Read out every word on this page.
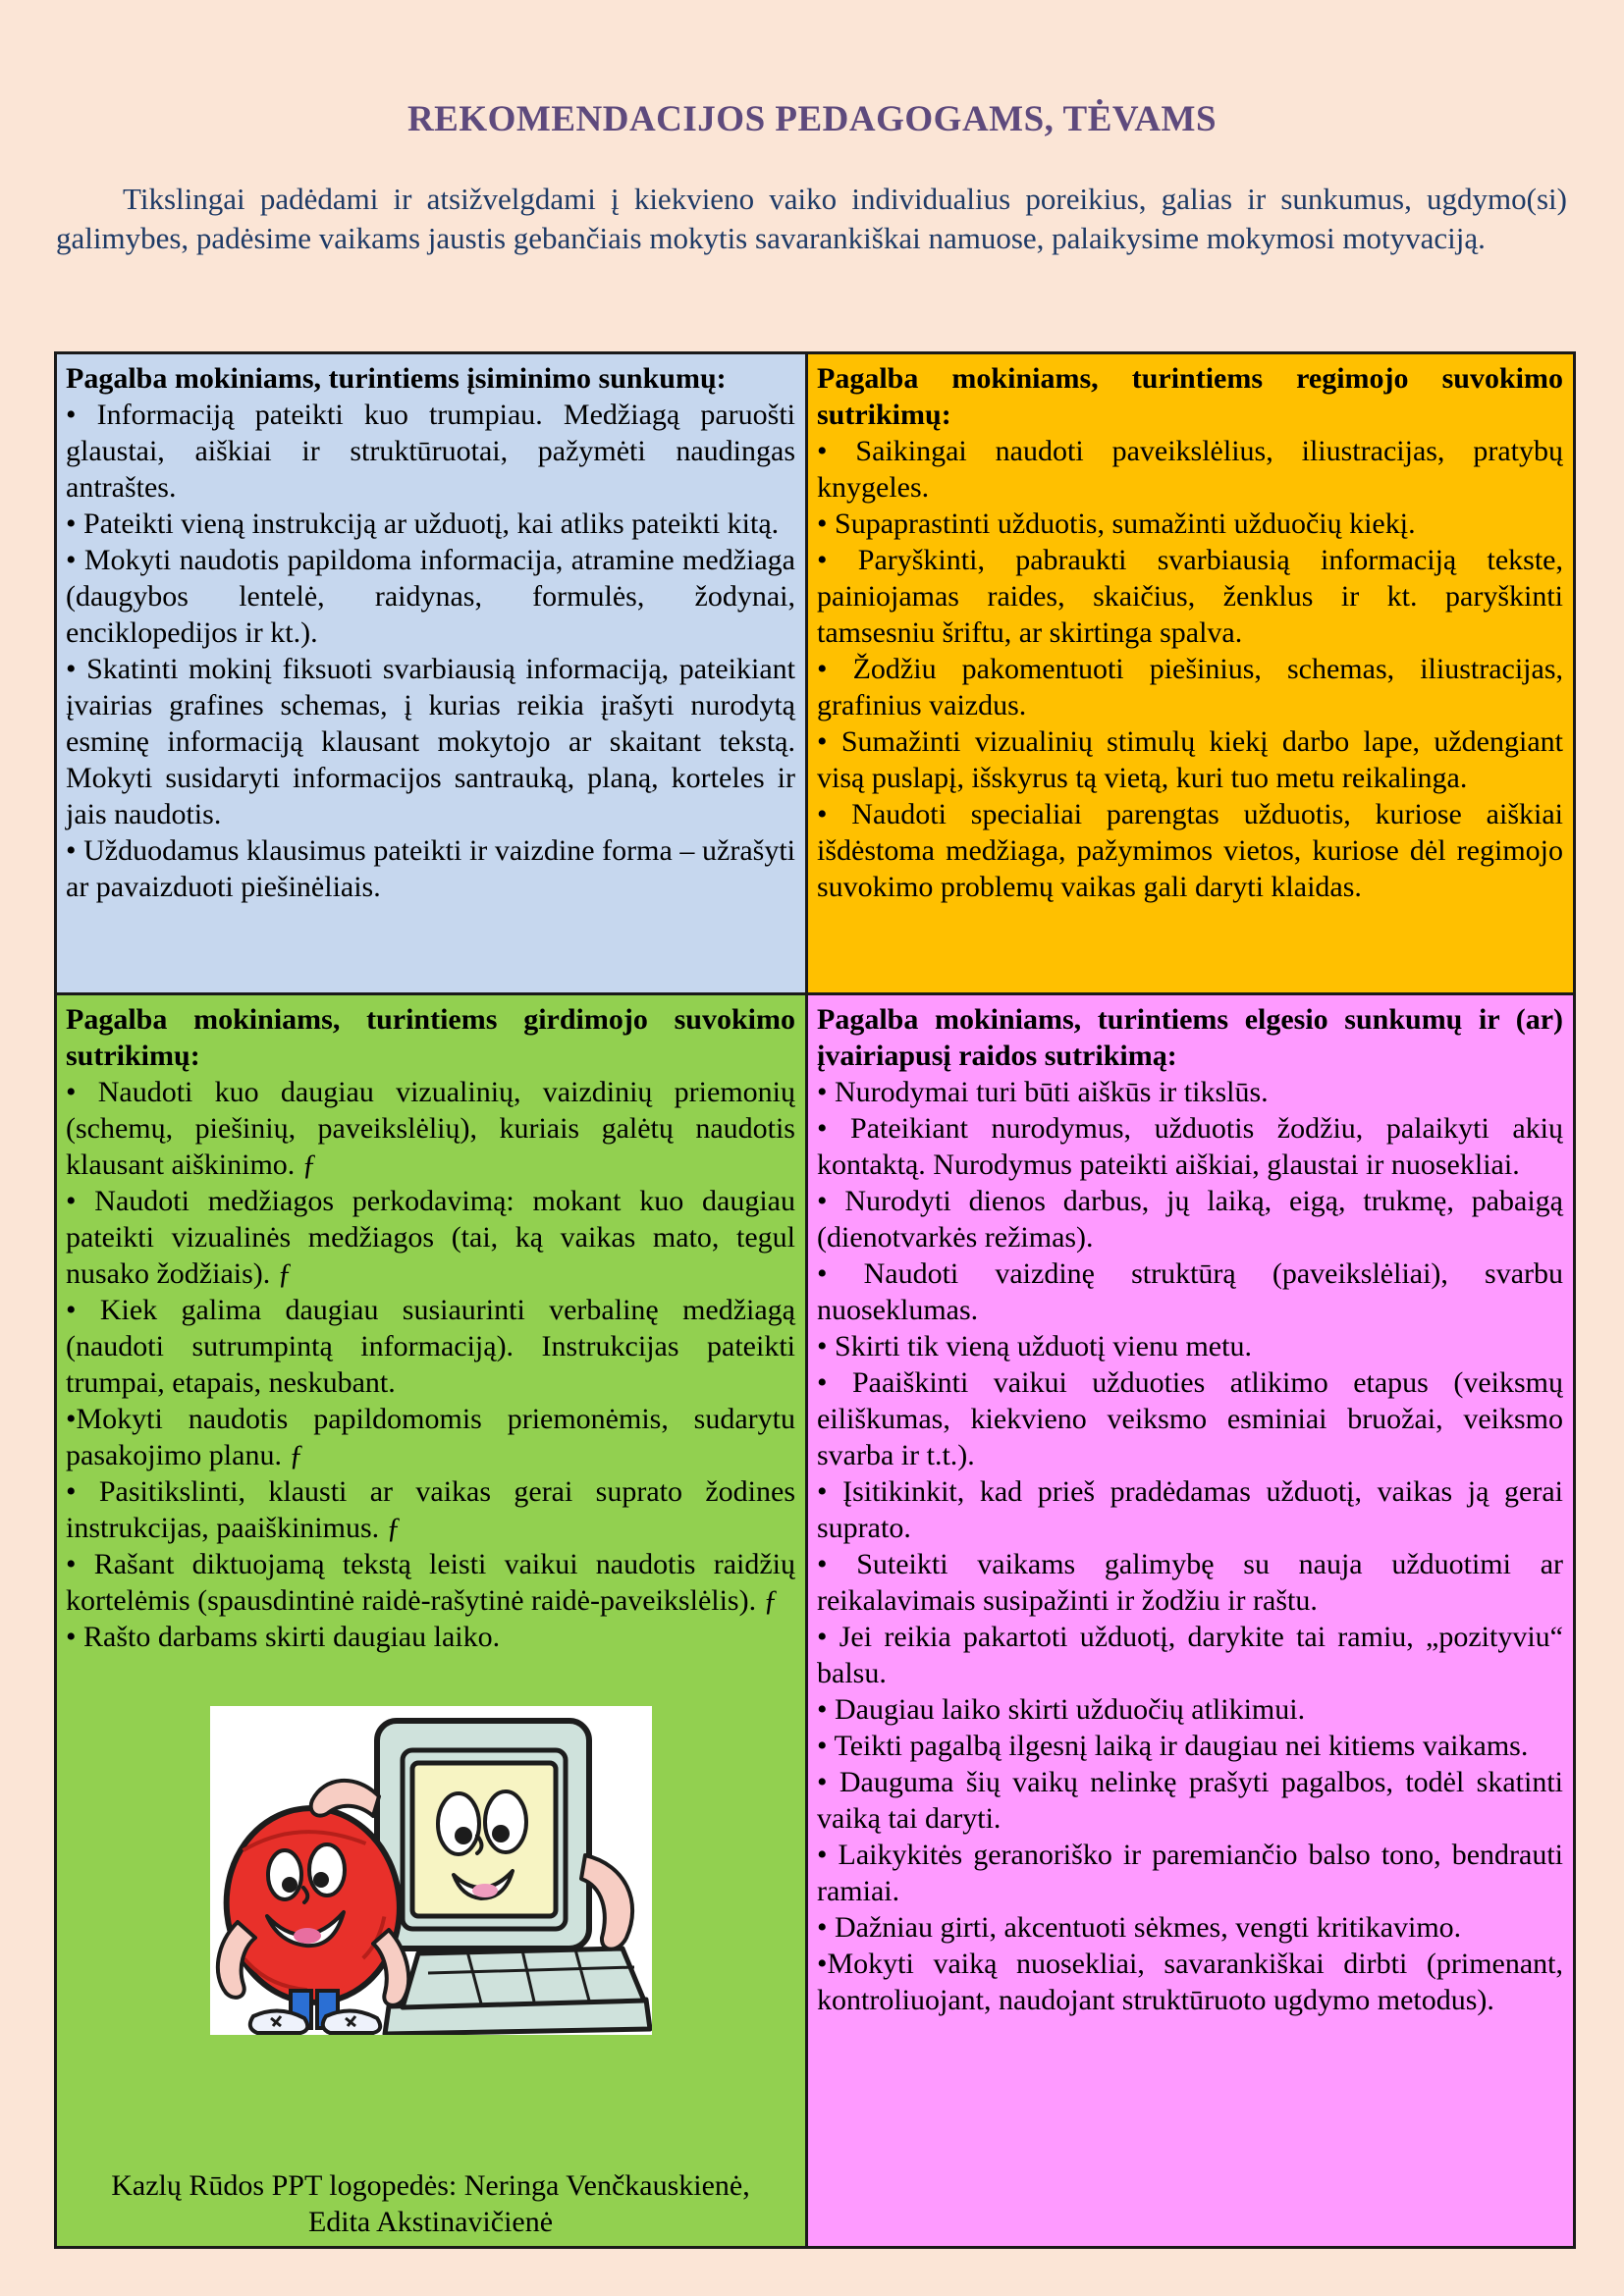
REKOMENDACIJOS PEDAGOGAMS, TĖVAMS

Tikslingai padėdami ir atsižvelgdami į kiekvieno vaiko individualius poreikius, galias ir sunkumus, ugdymo(si) galimybes, padėsime vaikams jaustis gebančiais mokytis savarankiškai namuose, palaikysime mokymosi motyvaciją.

Pagalba mokiniams, turintiems įsiminimo sunkumų:

• Informaciją pateikti kuo trumpiau. Medžiagą paruošti glaustai, aiškiai ir struktūruotai, pažymėti naudingas antraštes.

• Pateikti vieną instrukciją ar užduotį, kai atliks pateikti kitą.

• Mokyti naudotis papildoma informacija, atramine medžiaga (daugybos lentelė, raidynas, formulės, žodynai, enciklopedijos ir kt.).

• Skatinti mokinį fiksuoti svarbiausią informaciją, pateikiant įvairias grafines schemas, į kurias reikia įrašyti nurodytą esminę informaciją klausant mokytojo ar skaitant tekstą. Mokyti susidaryti informacijos santrauką, planą, korteles ir jais naudotis.

• Užduodamus klausimus pateikti ir vaizdine forma – užrašyti ar pavaizduoti piešinėliais.

Pagalba mokiniams, turintiems regimojo suvokimo sutrikimų:

• Saikingai naudoti paveikslėlius, iliustracijas, pratybų knygeles.

• Supaprastinti užduotis, sumažinti užduočių kiekį.

• Paryškinti, pabraukti svarbiausią informaciją tekste, painiojamas raides, skaičius, ženklus ir kt. paryškinti tamsesniu šriftu, ar skirtinga spalva.

• Žodžiu pakomentuoti piešinius, schemas, iliustracijas, grafinius vaizdus.

• Sumažinti vizualinių stimulų kiekį darbo lape, uždengiant visą puslapį, išskyrus tą vietą, kuri tuo metu reikalinga.

• Naudoti specialiai parengtas užduotis, kuriose aiškiai išdėstoma medžiaga, pažymimos vietos, kuriose dėl regimojo suvokimo problemų vaikas gali daryti klaidas.

Pagalba mokiniams, turintiems girdimojo suvokimo sutrikimų:

• Naudoti kuo daugiau vizualinių, vaizdinių priemonių (schemų, piešinių, paveikslėlių), kuriais galėtų naudotis klausant aiškinimo. ƒ

• Naudoti medžiagos perkodavimą: mokant kuo daugiau pateikti vizualinės medžiagos (tai, ką vaikas mato, tegul nusako žodžiais). ƒ

• Kiek galima daugiau susiaurinti verbalinę medžiagą (naudoti sutrumpintą informaciją). Instrukcijas pateikti trumpai, etapais, neskubant.

•Mokyti naudotis papildomomis priemonėmis, sudarytu pasakojimo planu. ƒ

• Pasitikslinti, klausti ar vaikas gerai suprato žodines instrukcijas, paaiškinimus. ƒ

• Rašant diktuojamą tekstą leisti vaikui naudotis raidžių kortelėmis (spausdintinė raidė-rašytinė raidė-paveikslėlis). ƒ

• Rašto darbams skirti daugiau laiko.

Kazlų Rūdos PPT logopedės: Neringa Venčkauskienė,
Edita Akstinavičienė

Pagalba mokiniams, turintiems elgesio sunkumų ir (ar) įvairiapusį raidos sutrikimą:

• Nurodymai turi būti aiškūs ir tikslūs.

• Pateikiant nurodymus, užduotis žodžiu, palaikyti akių kontaktą. Nurodymus pateikti aiškiai, glaustai ir nuosekliai.

• Nurodyti dienos darbus, jų laiką, eigą, trukmę, pabaigą (dienotvarkės režimas).

• Naudoti vaizdinę struktūrą (paveikslėliai), svarbu nuoseklumas.

• Skirti tik vieną užduotį vienu metu.

• Paaiškinti vaikui užduoties atlikimo etapus (veiksmų eiliškumas, kiekvieno veiksmo esminiai bruožai, veiksmo svarba ir t.t.).

• Įsitikinkit, kad prieš pradėdamas užduotį, vaikas ją gerai suprato.

• Suteikti vaikams galimybę su nauja užduotimi ar reikalavimais susipažinti ir žodžiu ir raštu.

• Jei reikia pakartoti užduotį, darykite tai ramiu, „pozityviu“ balsu.

• Daugiau laiko skirti užduočių atlikimui.

• Teikti pagalbą ilgesnį laiką ir daugiau nei kitiems vaikams.

• Dauguma šių vaikų nelinkę prašyti pagalbos, todėl skatinti vaiką tai daryti.

• Laikykitės geranoriško ir paremiančio balso tono, bendrauti ramiai.

• Dažniau girti, akcentuoti sėkmes, vengti kritikavimo.

•Mokyti vaiką nuosekliai, savarankiškai dirbti (primenant, kontroliuojant, naudojant struktūruoto ugdymo metodus).
